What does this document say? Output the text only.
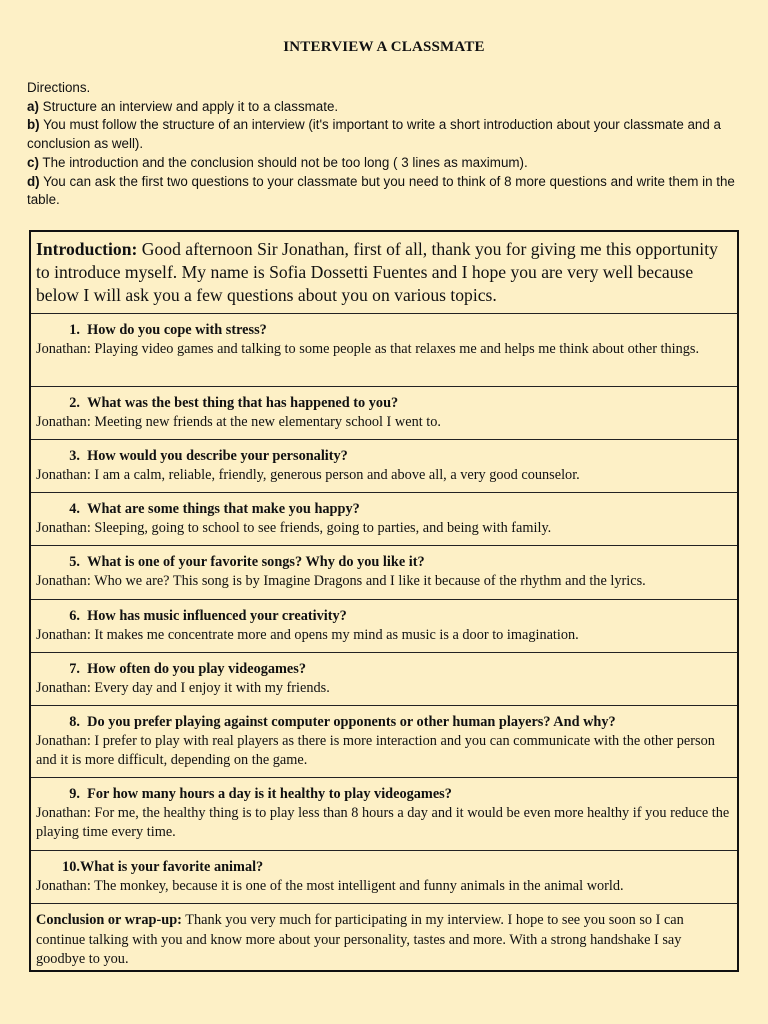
INTERVIEW A CLASSMATE

Directions.

a) Structure an interview and apply it to a classmate.

b) You must follow the structure of an interview (it's important to write a short introduction about your classmate and a conclusion as well).

c) The introduction and the conclusion should not be too long ( 3 lines as maximum).

d) You can ask the first two questions to your classmate but you need to think of 8 more questions and write them in the table.

Introduction: Good afternoon Sir Jonathan, first of all, thank you for giving me this opportunity to introduce myself. My name is Sofia Dossetti Fuentes and I hope you are very well because below I will ask you a few questions about you on various topics.
1. How do you cope with stress?
Jonathan: Playing video games and talking to some people as that relaxes me and helps me think about other things.
2. What was the best thing that has happened to you?
Jonathan: Meeting new friends at the new elementary school I went to.
3. How would you describe your personality?
Jonathan: I am a calm, reliable, friendly, generous person and above all, a very good counselor.
4. What are some things that make you happy?
Jonathan: Sleeping, going to school to see friends, going to parties, and being with family.
5. What is one of your favorite songs? Why do you like it?
Jonathan: Who we are? This song is by Imagine Dragons and I like it because of the rhythm and the lyrics.
6. How has music influenced your creativity?
Jonathan: It makes me concentrate more and opens my mind as music is a door to imagination.
7. How often do you play videogames?
Jonathan: Every day and I enjoy it with my friends.
8. Do you prefer playing against computer opponents or other human players? And why?
Jonathan: I prefer to play with real players as there is more interaction and you can communicate with the other person and it is more difficult, depending on the game.
9. For how many hours a day is it healthy to play videogames?
Jonathan: For me, the healthy thing is to play less than 8 hours a day and it would be even more healthy if you reduce the playing time every time.
10.What is your favorite animal?
Jonathan: The monkey, because it is one of the most intelligent and funny animals in the animal world.
Conclusion or wrap-up: Thank you very much for participating in my interview. I hope to see you soon so I can continue talking with you and know more about your personality, tastes and more. With a strong handshake I say goodbye to you.
